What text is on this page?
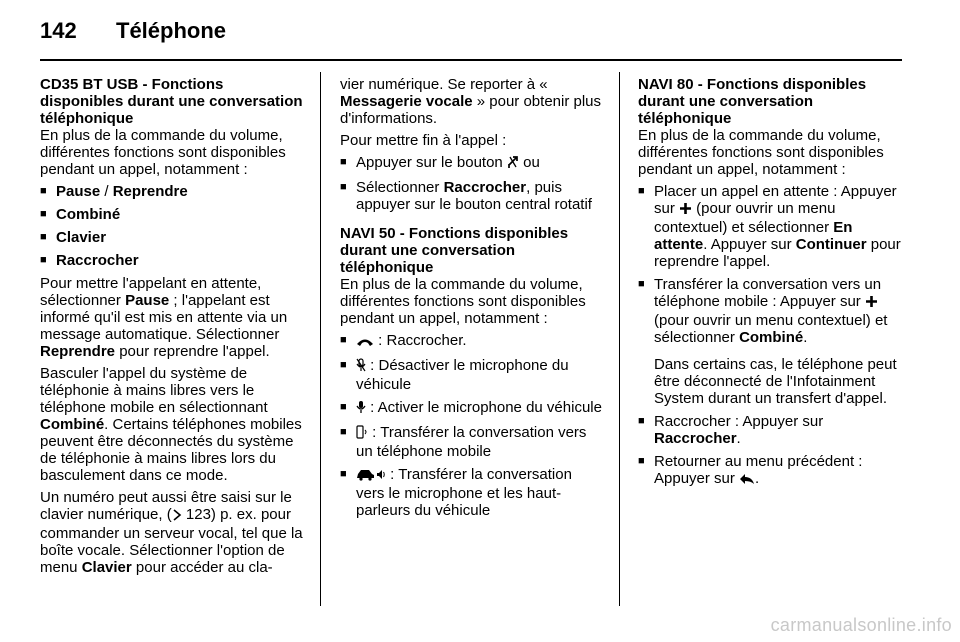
142	Téléphone
CD35 BT USB - Fonctions disponibles durant une conversation téléphonique

En plus de la commande du volume, différentes fonctions sont disponibles pendant un appel, notamment :

■ Pause / Reprendre
■ Combiné
■ Clavier
■ Raccrocher

Pour mettre l'appelant en attente, sélectionner Pause ; l'appelant est informé qu'il est mis en attente via un message automatique. Sélectionner Reprendre pour reprendre l'appel.

Basculer l'appel du système de téléphonie à mains libres vers le téléphone mobile en sélectionnant Combiné. Certains téléphones mobiles peuvent être déconnectés du système de téléphonie à mains libres lors du basculement dans ce mode.

Un numéro peut aussi être saisi sur le clavier numérique, ( 123) p. ex. pour commander un serveur vocal, tel que la boîte vocale. Sélectionner l'option de menu Clavier pour accéder au cla-

vier numérique. Se reporter à « Messagerie vocale » pour obtenir plus d'informations.

Pour mettre fin à l'appel :

■ Appuyer sur le bouton  ou
■ Sélectionner Raccrocher, puis appuyer sur le bouton central rotatif
NAVI 50 - Fonctions disponibles durant une conversation téléphonique

En plus de la commande du volume, différentes fonctions sont disponibles pendant un appel, notamment :

■ : Raccrocher.
■ : Désactiver le microphone du véhicule
■ : Activer le microphone du véhicule
■ : Transférer la conversation vers un téléphone mobile
■ : Transférer la conversation vers le microphone et les haut-parleurs du véhicule
NAVI 80 - Fonctions disponibles durant une conversation téléphonique

En plus de la commande du volume, différentes fonctions sont disponibles pendant un appel, notamment :

■ Placer un appel en attente : Appuyer sur  (pour ouvrir un menu contextuel) et sélectionner En attente. Appuyer sur Continuer pour reprendre l'appel.
■ Transférer la conversation vers un téléphone mobile : Appuyer sur  (pour ouvrir un menu contextuel) et sélectionner Combiné.
Dans certains cas, le téléphone peut être déconnecté de l'Infotainment System durant un transfert d'appel.
■ Raccrocher : Appuyer sur Raccrocher.
■ Retourner au menu précédent : Appuyer sur .
carmanualsonline.info
